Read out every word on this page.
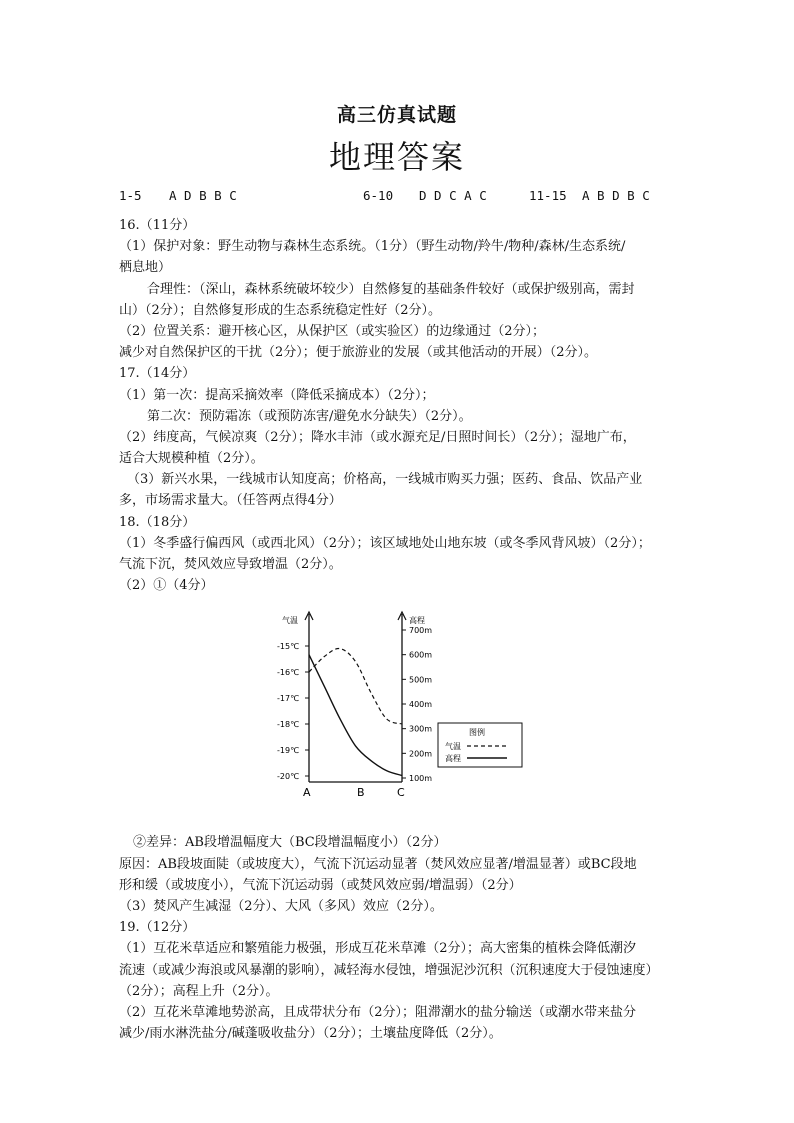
高三仿真试题
地理答案
1-5 A D B B C	6-10 D D C A C	11-15 A B D B C
16.（11分）
（1）保护对象：野生动物与森林生态系统。（1分）（野生动物/羚牛/物种/森林/生态系统/
栖息地）
合理性：（深山，森林系统破坏较少）自然修复的基础条件较好（或保护级别高，需封
山）（2分）；自然修复形成的生态系统稳定性好（2分）。
（2）位置关系：避开核心区，从保护区（或实验区）的边缘通过（2分）；
减少对自然保护区的干扰（2分）；便于旅游业的发展（或其他活动的开展）（2分）。
17.（14分）
（1）第一次：提高采摘效率（降低采摘成本）（2分）；
第二次：预防霜冻（或预防冻害/避免水分缺失）（2分）。
（2）纬度高，气候凉爽（2分）；降水丰沛（或水源充足/日照时间长）（2分）；湿地广布，
适合大规模种植（2分）。
（3）新兴水果，一线城市认知度高；价格高，一线城市购买力强；医药、食品、饮品产业
多，市场需求量大。（任答两点得4分）
18.（18分）
（1）冬季盛行偏西风（或西北风）（2分）；该区域地处山地东坡（或冬季风背风坡）（2分）；
气流下沉，焚风效应导致增温（2分）。
（2）①（4分）
气温	高程
-15℃
-16℃
-17℃
-18℃
-19℃
-20℃
700m
600m
500m
400m
300m
200m
100m
A	B	C
图例
气温
高程
②差异：AB段增温幅度大（BC段增温幅度小）（2分）
原因：AB段坡面陡（或坡度大），气流下沉运动显著（焚风效应显著/增温显著）或BC段地
形和缓（或坡度小），气流下沉运动弱（或焚风效应弱/增温弱）（2分）
（3）焚风产生减湿（2分）、大风（多风）效应（2分）。
19.（12分）
（1）互花米草适应和繁殖能力极强，形成互花米草滩（2分）；高大密集的植株会降低潮汐
流速（或减少海浪或风暴潮的影响），减轻海水侵蚀，增强泥沙沉积（沉积速度大于侵蚀速度）
（2分）；高程上升（2分）。
（2）互花米草滩地势淤高，且成带状分布（2分）；阻滞潮水的盐分输送（或潮水带来盐分
减少/雨水淋洗盐分/碱蓬吸收盐分）（2分）；土壤盐度降低（2分）。
